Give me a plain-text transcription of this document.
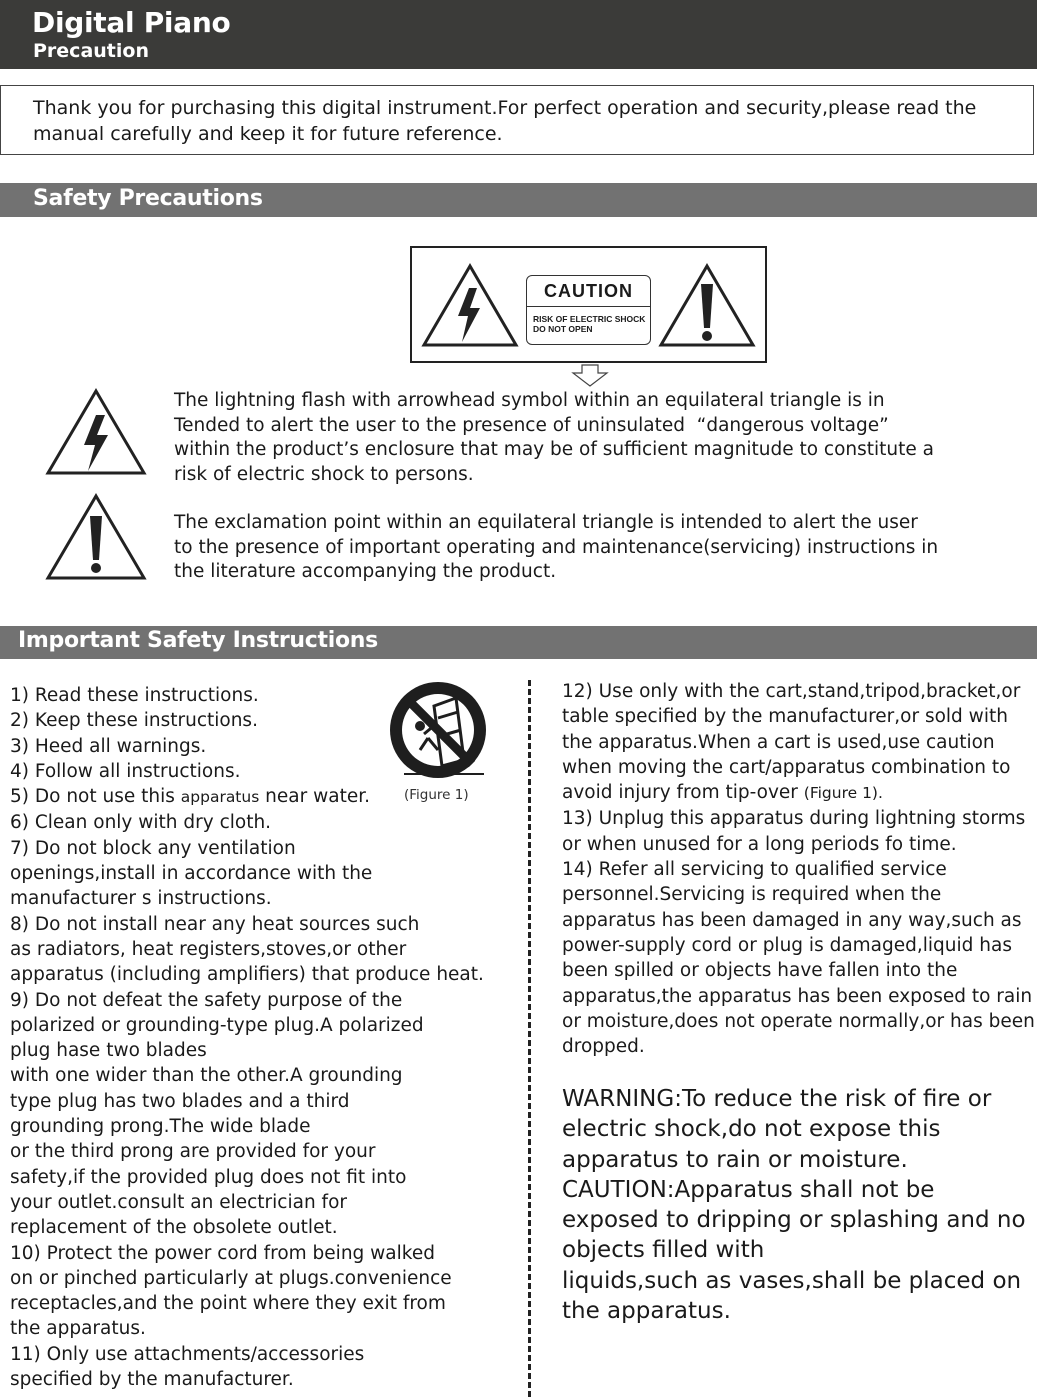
Digital Piano
Precaution
Thank you for purchasing this digital instrument.For perfect operation and security,please read the manual carefully and keep it for future reference.
Safety Precautions
CAUTION
RISK OF ELECTRIC SHOCK
DO NOT OPEN
The lightning flash with arrowhead symbol within an equilateral triangle is in
Tended to alert the user to the presence of uninsulated  “dangerous voltage”
within the product’s enclosure that may be of sufficient magnitude to constitute a
risk of electric shock to persons.
The exclamation point within an equilateral triangle is intended to alert the user
to the presence of important operating and maintenance(servicing) instructions in
the literature accompanying the product.
Important Safety Instructions
(Figure 1)
1) Read these instructions.
2) Keep these instructions.
3) Heed all warnings.
4) Follow all instructions.
5) Do not use this apparatus near water.
6) Clean only with dry cloth.
7) Do not block any ventilation
openings,install in accordance with the
manufacturer s instructions.
8) Do not install near any heat sources such
as radiators, heat registers,stoves,or other
apparatus (including amplifiers) that produce heat.
9) Do not defeat the safety purpose of the
polarized or grounding-type plug.A polarized
plug hase two blades
with one wider than the other.A grounding
type plug has two blades and a third
grounding prong.The wide blade
or the third prong are provided for your
safety,if the provided plug does not fit into
your outlet.consult an electrician for
replacement of the obsolete outlet.
10) Protect the power cord from being walked
on or pinched particularly at plugs.convenience
receptacles,and the point where they exit from
the apparatus.
11) Only use attachments/accessories
specified by the manufacturer.
12) Use only with the cart,stand,tripod,bracket,or
table specified by the manufacturer,or sold with
the apparatus.When a cart is used,use caution
when moving the cart/apparatus combination to
avoid injury from tip-over (Figure 1).
13) Unplug this apparatus during lightning storms
or when unused for a long periods fo time.
14) Refer all servicing to qualified service
personnel.Servicing is required when the
apparatus has been damaged in any way,such as
power-supply cord or plug is damaged,liquid has
been spilled or objects have fallen into the
apparatus,the apparatus has been exposed to rain
or moisture,does not operate normally,or has been
dropped.
WARNING:To reduce the risk of fire or
electric shock,do not expose this
apparatus to rain or moisture.
CAUTION:Apparatus shall not be
exposed to dripping or splashing and no
objects filled with
liquids,such as vases,shall be placed on
the apparatus.
